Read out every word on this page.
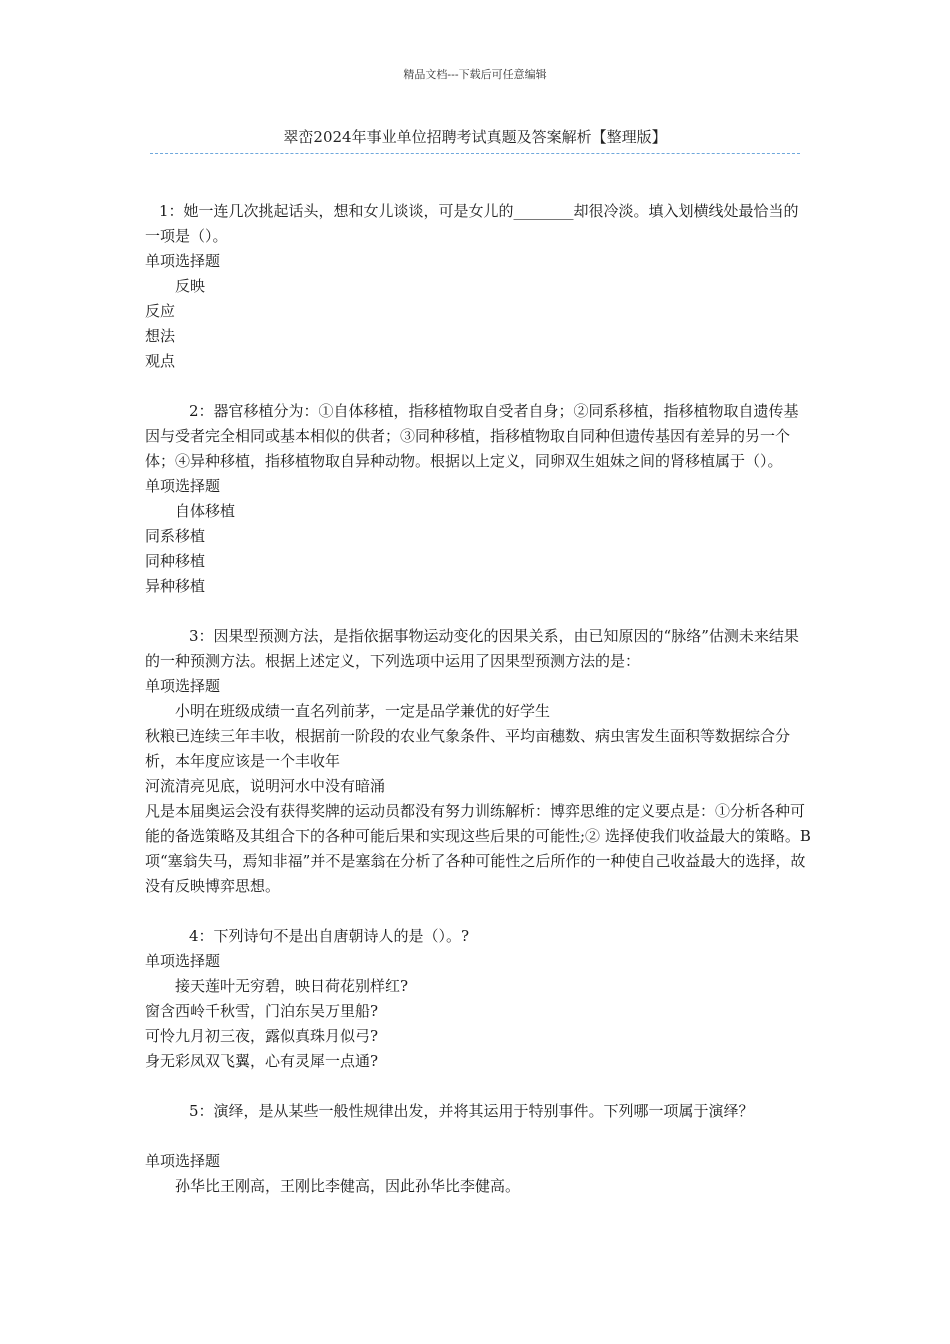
精品文档---下载后可任意编辑
翠峦2024年事业单位招聘考试真题及答案解析【整理版】

1：她一连几次挑起话头，想和女儿谈谈，可是女儿的________却很冷淡。填入划横线处最恰当的一项是（）。

单项选择题

反映

反应

想法

观点

2：器官移植分为：①自体移植，指移植物取自受者自身；②同系移植，指移植物取自遗传基因与受者完全相同或基本相似的供者；③同种移植，指移植物取自同种但遗传基因有差异的另一个体；④异种移植，指移植物取自异种动物。根据以上定义，同卵双生姐妹之间的肾移植属于（）。

单项选择题

自体移植

同系移植

同种移植

异种移植

3：因果型预测方法，是指依据事物运动变化的因果关系，由已知原因的“脉络”估测未来结果的一种预测方法。根据上述定义，下列选项中运用了因果型预测方法的是：

单项选择题

小明在班级成绩一直名列前茅，一定是品学兼优的好学生

秋粮已连续三年丰收，根据前一阶段的农业气象条件、平均亩穗数、病虫害发生面积等数据综合分析，本年度应该是一个丰收年

河流清亮见底，说明河水中没有暗涌

凡是本届奥运会没有获得奖牌的运动员都没有努力训练解析：博弈思维的定义要点是：①分析各种可能的备选策略及其组合下的各种可能后果和实现这些后果的可能性;② 选择使我们收益最大的策略。B项“塞翁失马，焉知非福”并不是塞翁在分析了各种可能性之后所作的一种使自己收益最大的选择，故没有反映博弈思想。

4：下列诗句不是出自唐朝诗人的是（）。?

单项选择题

接天莲叶无穷碧，映日荷花别样红?

窗含西岭千秋雪，门泊东吴万里船?

可怜九月初三夜，露似真珠月似弓?

身无彩凤双飞翼，心有灵犀一点通?

5：演绎，是从某些一般性规律出发，并将其运用于特别事件。下列哪一项属于演绎？

单项选择题

孙华比王刚高，王刚比李健高，因此孙华比李健高。
